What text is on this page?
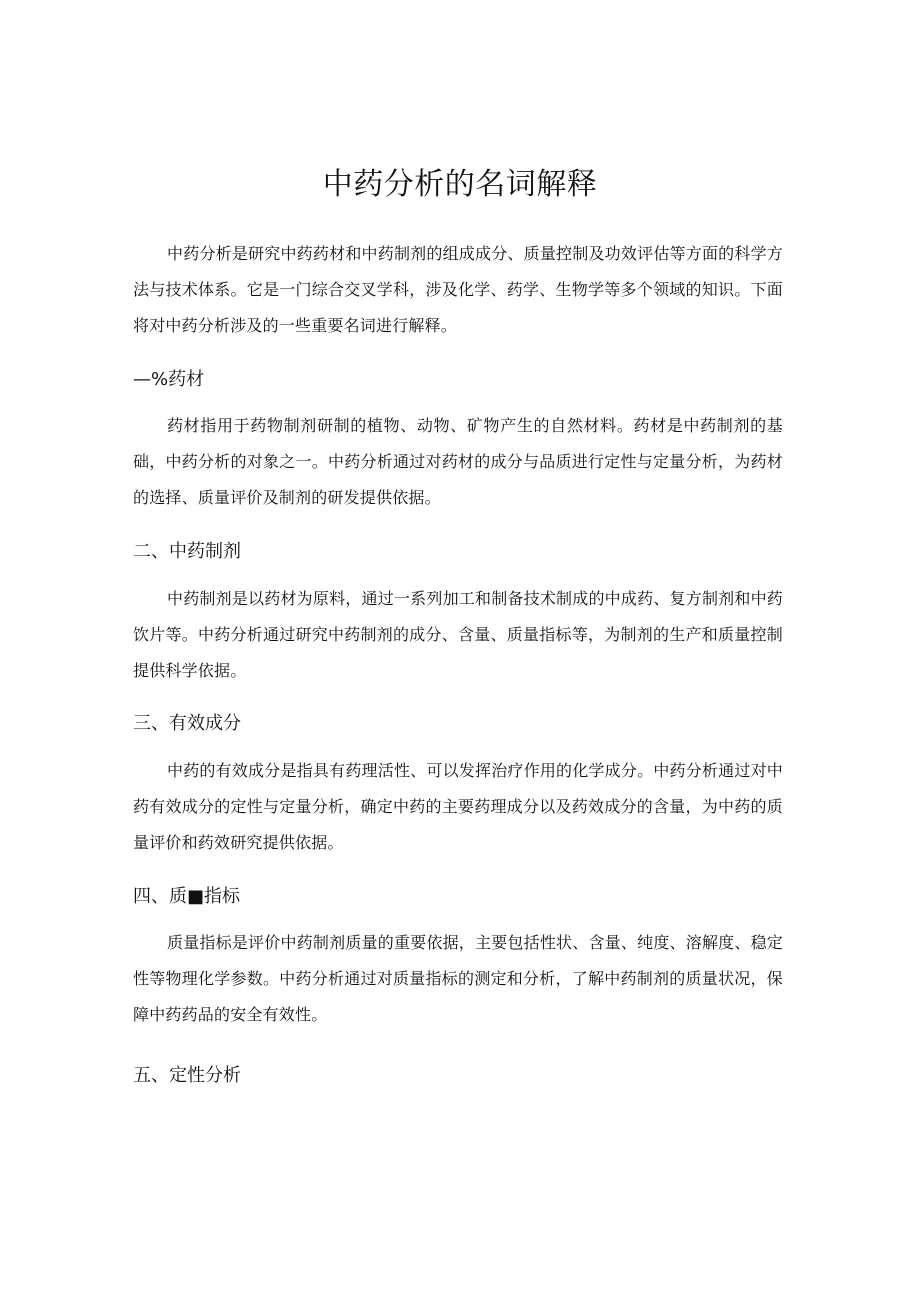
中药分析的名词解释

中药分析是研究中药药材和中药制剂的组成成分、质量控制及功效评估等方面的科学方法与技术体系。它是一门综合交叉学科，涉及化学、药学、生物学等多个领域的知识。下面将对中药分析涉及的一些重要名词进行解释。

—%药材

药材指用于药物制剂研制的植物、动物、矿物产生的自然材料。药材是中药制剂的基础，中药分析的对象之一。中药分析通过对药材的成分与品质进行定性与定量分析，为药材的选择、质量评价及制剂的研发提供依据。

二、中药制剂

中药制剂是以药材为原料，通过一系列加工和制备技术制成的中成药、复方制剂和中药饮片等。中药分析通过研究中药制剂的成分、含量、质量指标等，为制剂的生产和质量控制提供科学依据。

三、有效成分

中药的有效成分是指具有药理活性、可以发挥治疗作用的化学成分。中药分析通过对中药有效成分的定性与定量分析，确定中药的主要药理成分以及药效成分的含量，为中药的质量评价和药效研究提供依据。

四、质■指标

质量指标是评价中药制剂质量的重要依据，主要包括性状、含量、纯度、溶解度、稳定性等物理化学参数。中药分析通过对质量指标的测定和分析，了解中药制剂的质量状况，保障中药药品的安全有效性。

五、定性分析
